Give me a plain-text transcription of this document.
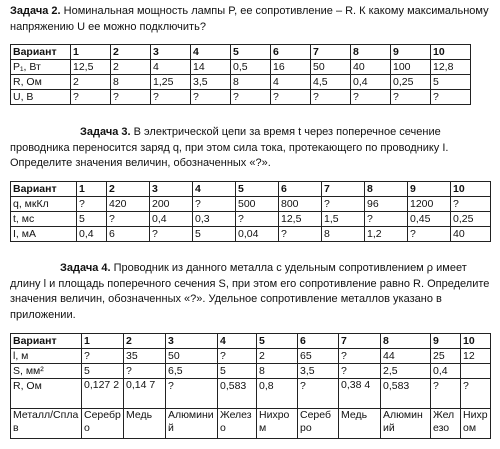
Задача 2. Номинальная мощность лампы P, ее сопротивление – R. К какому максимальному напряжению U ее можно подключить?

Вариант	1	2	3	4	5	6	7	8	9	10
P₁, Вт	12,5	2	4	14	0,5	16	50	40	100	12,8
R, Ом	2	8	1,25	3,5	8	4	4,5	0,4	0,25	5
U, В	?	?	?	?	?	?	?	?	?	?

Задача 3. В электрической цепи за время t через поперечное сечение проводника переносится заряд q, при этом сила тока, протекающего по проводнику I. Определите значения величин, обозначенных «?».

Вариант	1	2	3	4	5	6	7	8	9	10
q, мкКл	?	420	200	?	500	800	?	96	1200	?
t, мс	5	?	0,4	0,3	?	12,5	1,5	?	0,45	0,25
I, мА	0,4	6	?	5	0,04	?	8	1,2	?	40

Задача 4. Проводник из данного металла с удельным сопротивлением ρ имеет длину l и площадь поперечного сечения S, при этом его сопротивление равно R. Определите значения величин, обозначенных «?». Удельное сопротивление металлов указано в приложении.

Вариант	1	2	3	4	5	6	7	8	9	10
l, м	?	35	50	?	2	65	?	44	25	12
S, мм²	5	?	6,5	5	8	3,5	?	2,5	0,4	
R, Ом	0,127 2	0,14 7	?	0,583	0,8	?	0,38 4	0,583	?	?
Металл/Сплав	Серебро	Медь	Алюминий	Железо	Нихром	Серебро	Медь	Алюминий	Железо	Нихром
